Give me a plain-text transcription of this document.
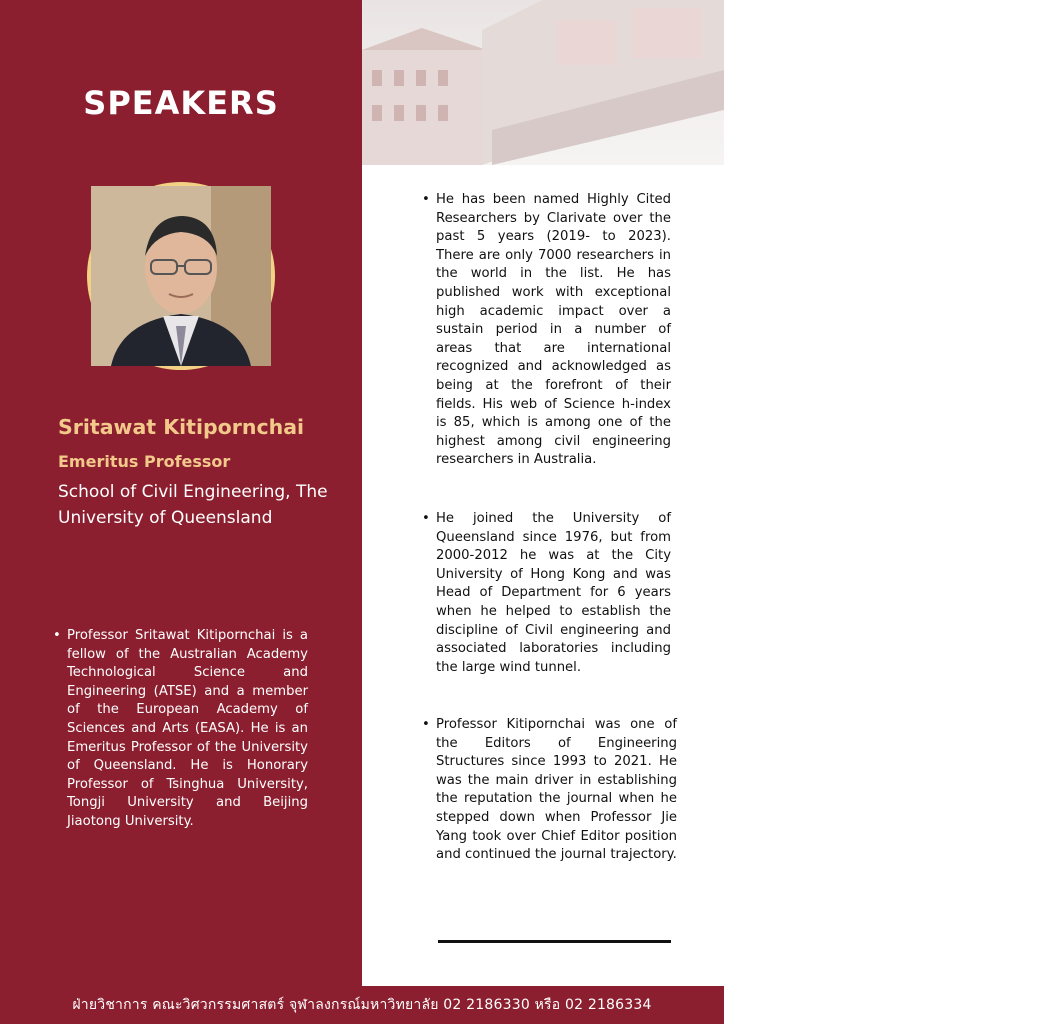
CHULA ENGINEERING
SPEAKERS
Sritawat Kitipornchai
Emeritus Professor
School of Civil Engineering, The University of Queensland
• Professor Sritawat Kitipornchai is a fellow of the Australian Academy Technological Science and Engineering (ATSE) and a member of the European Academy of Sciences and Arts (EASA). He is an Emeritus Professor of the University of Queensland. He is Honorary Professor of Tsinghua University, Tongji University and Beijing Jiaotong University.
• He has been named Highly Cited Researchers by Clarivate over the past 5 years (2019- to 2023). There are only 7000 researchers in the world in the list. He has published work with exceptional high academic impact over a sustain period in a number of areas that are international recognized and acknowledged as being at the forefront of their fields. His web of Science h-index is 85, which is among one of the highest among civil engineering researchers in Australia.
• He joined the University of Queensland since 1976, but from 2000-2012 he was at the City University of Hong Kong and was Head of Department for 6 years when he helped to establish the discipline of Civil engineering and associated laboratories including the large wind tunnel.
• Professor Kitipornchai was one of the Editors of Engineering Structures since 1993 to 2021. He was the main driver in establishing the reputation the journal when he stepped down when Professor Jie Yang took over Chief Editor position and continued the journal trajectory.
ฝ่ายวิชาการ คณะวิศวกรรมศาสตร์ จุฬาลงกรณ์มหาวิทยาลัย 02 2186330 หรือ 02 2186334
